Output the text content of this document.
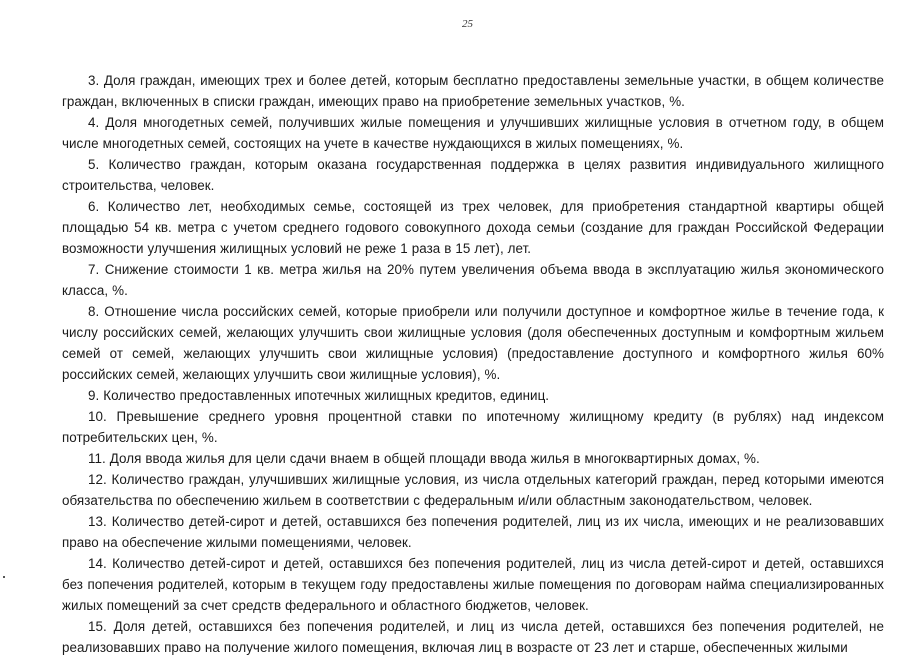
25

3. Доля граждан, имеющих трех и более детей, которым бесплатно предоставлены земельные участки, в общем количестве граждан, включенных в списки граждан, имеющих право на приобретение земельных участков, %.

4. Доля многодетных семей, получивших жилые помещения и улучшивших жилищные условия в отчетном году, в общем числе многодетных семей, состоящих на учете в качестве нуждающихся в жилых помещениях, %.

5. Количество граждан, которым оказана государственная поддержка в целях развития индивидуального жилищного строительства, человек.

6. Количество лет, необходимых семье, состоящей из трех человек, для приобретения стандартной квартиры общей площадью 54 кв. метра с учетом среднего годового совокупного дохода семьи (создание для граждан Российской Федерации возможности улучшения жилищных условий не реже 1 раза в 15 лет), лет.

7. Снижение стоимости 1 кв. метра жилья на 20% путем увеличения объема ввода в эксплуатацию жилья экономического класса, %.

8. Отношение числа российских семей, которые приобрели или получили доступное и комфортное жилье в течение года, к числу российских семей, желающих улучшить свои жилищные условия (доля обеспеченных доступным и комфортным жильем семей от семей, желающих улучшить свои жилищные условия) (предоставление доступного и комфортного жилья 60% российских семей, желающих улучшить свои жилищные условия), %.

9. Количество предоставленных ипотечных жилищных кредитов, единиц.

10. Превышение среднего уровня процентной ставки по ипотечному жилищному кредиту (в рублях) над индексом потребительских цен, %.

11. Доля ввода жилья для цели сдачи внаем в общей площади ввода жилья в многоквартирных домах, %.

12. Количество граждан, улучшивших жилищные условия, из числа отдельных категорий граждан, перед которыми имеются обязательства по обеспечению жильем в соответствии с федеральным и/или областным законодательством, человек.

13. Количество детей-сирот и детей, оставшихся без попечения родителей, лиц из их числа, имеющих и не реализовавших право на обеспечение жилыми помещениями, человек.

14. Количество детей-сирот и детей, оставшихся без попечения родителей, лиц из числа детей-сирот и детей, оставшихся без попечения родителей, которым в текущем году предоставлены жилые помещения по договорам найма специализированных жилых помещений за счет средств федерального и областного бюджетов, человек.

15. Доля детей, оставшихся без попечения родителей, и лиц из числа детей, оставшихся без попечения родителей, не реализовавших право на получение жилого помещения, включая лиц в возрасте от 23 лет и старше, обеспеченных жилыми
